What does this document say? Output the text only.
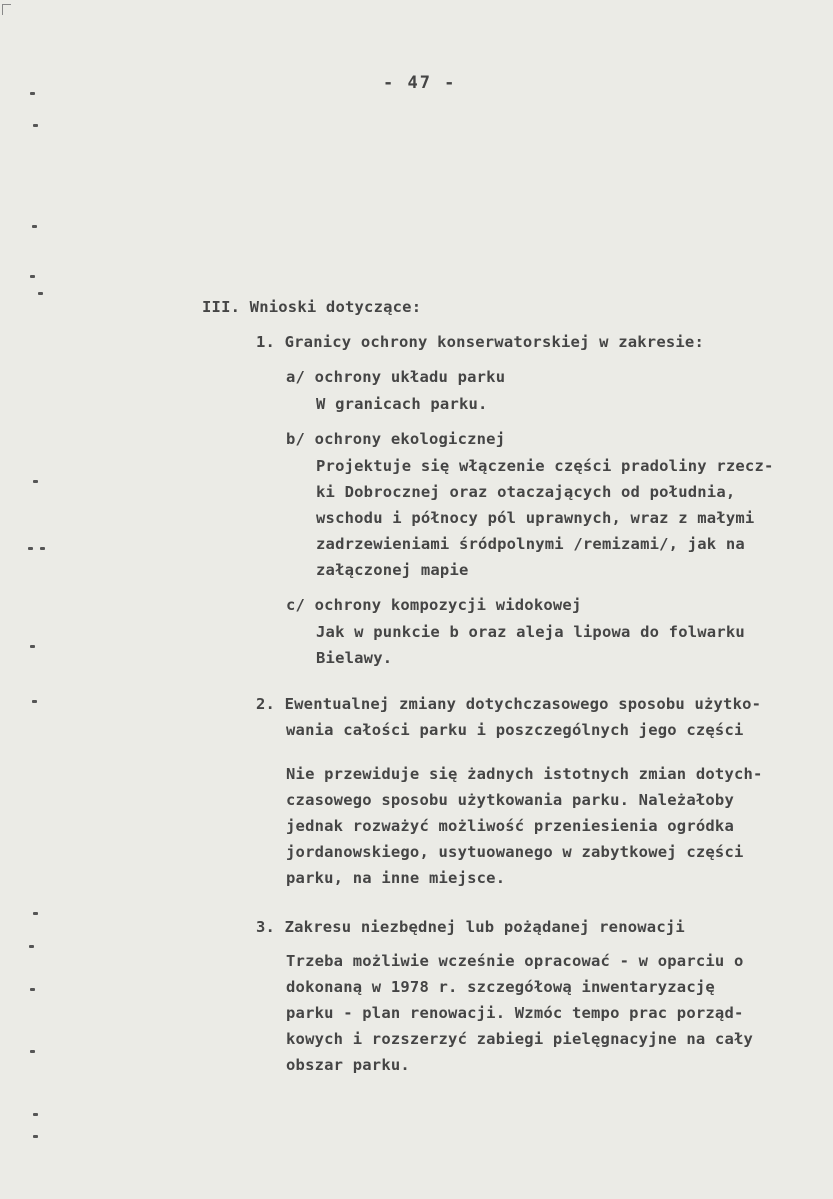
- 47 -
III. Wnioski dotyczące:
1. Granicy ochrony konserwatorskiej w zakresie:
a/ ochrony układu parku
W granicach parku.
b/ ochrony ekologicznej
Projektuje się włączenie części pradoliny rzecz-
ki Dobrocznej oraz otaczających od południa,
wschodu i północy pól uprawnych, wraz z małymi
zadrzewieniami śródpolnymi /remizami/, jak na
załączonej mapie
c/ ochrony kompozycji widokowej
Jak w punkcie b oraz aleja lipowa do folwarku
Bielawy.
2. Ewentualnej zmiany dotychczasowego sposobu użytko-
wania całości parku i poszczególnych jego części
Nie przewiduje się żadnych istotnych zmian dotych-
czasowego sposobu użytkowania parku. Należałoby
jednak rozważyć możliwość przeniesienia ogródka
jordanowskiego, usytuowanego w zabytkowej części
parku, na inne miejsce.
3. Zakresu niezbędnej lub pożądanej renowacji
Trzeba możliwie wcześnie opracować - w oparciu o
dokonaną w 1978 r. szczegółową inwentaryzację
parku - plan renowacji. Wzmóc tempo prac porząd-
kowych i rozszerzyć zabiegi pielęgnacyjne na cały
obszar parku.
